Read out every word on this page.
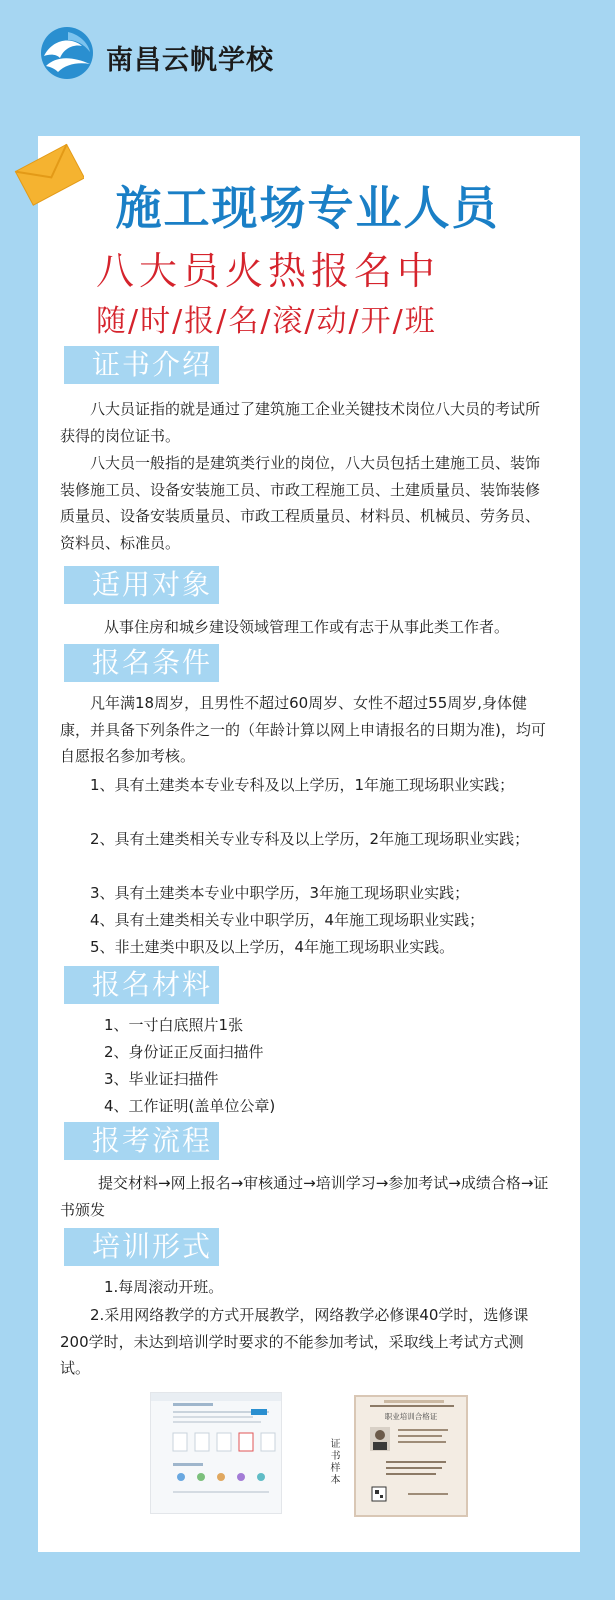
南昌云帆学校
施工现场专业人员
八大员火热报名中
随/时/报/名/滚/动/开/班
证书介绍

八大员证指的就是通过了建筑施工企业关键技术岗位八大员的考试所获得的岗位证书。

八大员一般指的是建筑类行业的岗位，八大员包括土建施工员、装饰装修施工员、设备安装施工员、市政工程施工员、土建质量员、装饰装修质量员、设备安装质量员、市政工程质量员、材料员、机械员、劳务员、资料员、标准员。

适用对象

从事住房和城乡建设领域管理工作或有志于从事此类工作者。

报名条件

凡年满18周岁，且男性不超过60周岁、女性不超过55周岁,身体健康，并具备下列条件之一的（年龄计算以网上申请报名的日期为准)，均可自愿报名参加考核。

1、具有土建类本专业专科及以上学历，1年施工现场职业实践；

2、具有土建类相关专业专科及以上学历，2年施工现场职业实践；

3、具有土建类本专业中职学历，3年施工现场职业实践；

4、具有土建类相关专业中职学历，4年施工现场职业实践；

5、非土建类中职及以上学历，4年施工现场职业实践。

报名材料

1、一寸白底照片1张

2、身份证正反面扫描件

3、毕业证扫描件

4、工作证明(盖单位公章)

报考流程

提交材料→网上报名→审核通过→培训学习→参加考试→成绩合格→证书颁发

培训形式

1.每周滚动开班。

2.采用网络教学的方式开展教学，网络教学必修课40学时，选修课200学时，未达到培训学时要求的不能参加考试，采取线上考试方式测试。

证书样本
职业培训合格证
